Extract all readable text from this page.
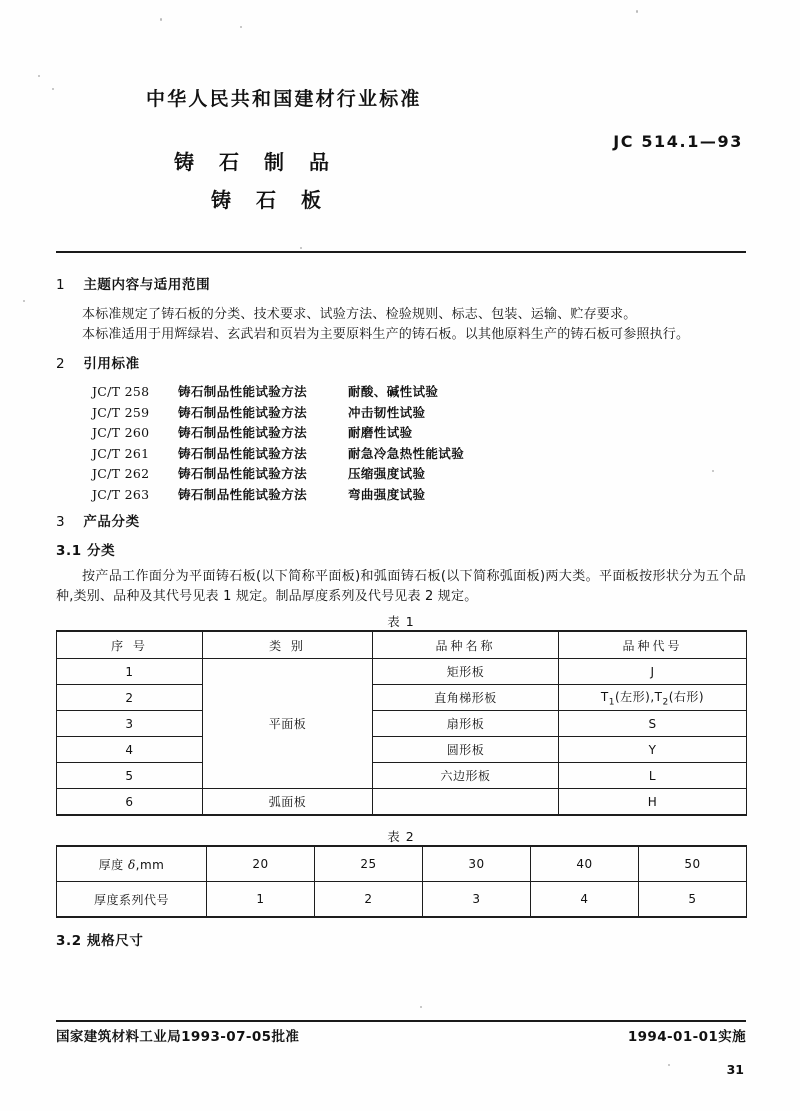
中华人民共和国建材行业标准
JC 514.1—93
铸石制品
铸石板
1 主题内容与适用范围

本标准规定了铸石板的分类、技术要求、试验方法、检验规则、标志、包装、运输、贮存要求。

本标准适用于用辉绿岩、玄武岩和页岩为主要原料生产的铸石板。以其他原料生产的铸石板可参照执行。

2 引用标准
JC/T 258	铸石制品性能试验方法	耐酸、碱性试验
JC/T 259	铸石制品性能试验方法	冲击韧性试验
JC/T 260	铸石制品性能试验方法	耐磨性试验
JC/T 261	铸石制品性能试验方法	耐急冷急热性能试验
JC/T 262	铸石制品性能试验方法	压缩强度试验
JC/T 263	铸石制品性能试验方法	弯曲强度试验
3 产品分类
3.1 分类

按产品工作面分为平面铸石板(以下简称平面板)和弧面铸石板(以下简称弧面板)两大类。平面板按形状分为五个品种,类别、品种及其代号见表 1 规定。制品厚度系列及代号见表 2 规定。

表 1

序 号	类 别	品种名称	品种代号
1	平面板	矩形板	J
2		直角梯形板	$T_1$(左形)$,T_2$(右形)
3		扇形板	S
4		圆形板	Y
5		六边形板	L
6	弧面板		H

表 2

厚度 δ,mm	20	25	30	40	50
厚度系列代号	1	2	3	4	5
3.2 规格尺寸
国家建筑材料工业局1993-07-05批准	1994-01-01实施
31
